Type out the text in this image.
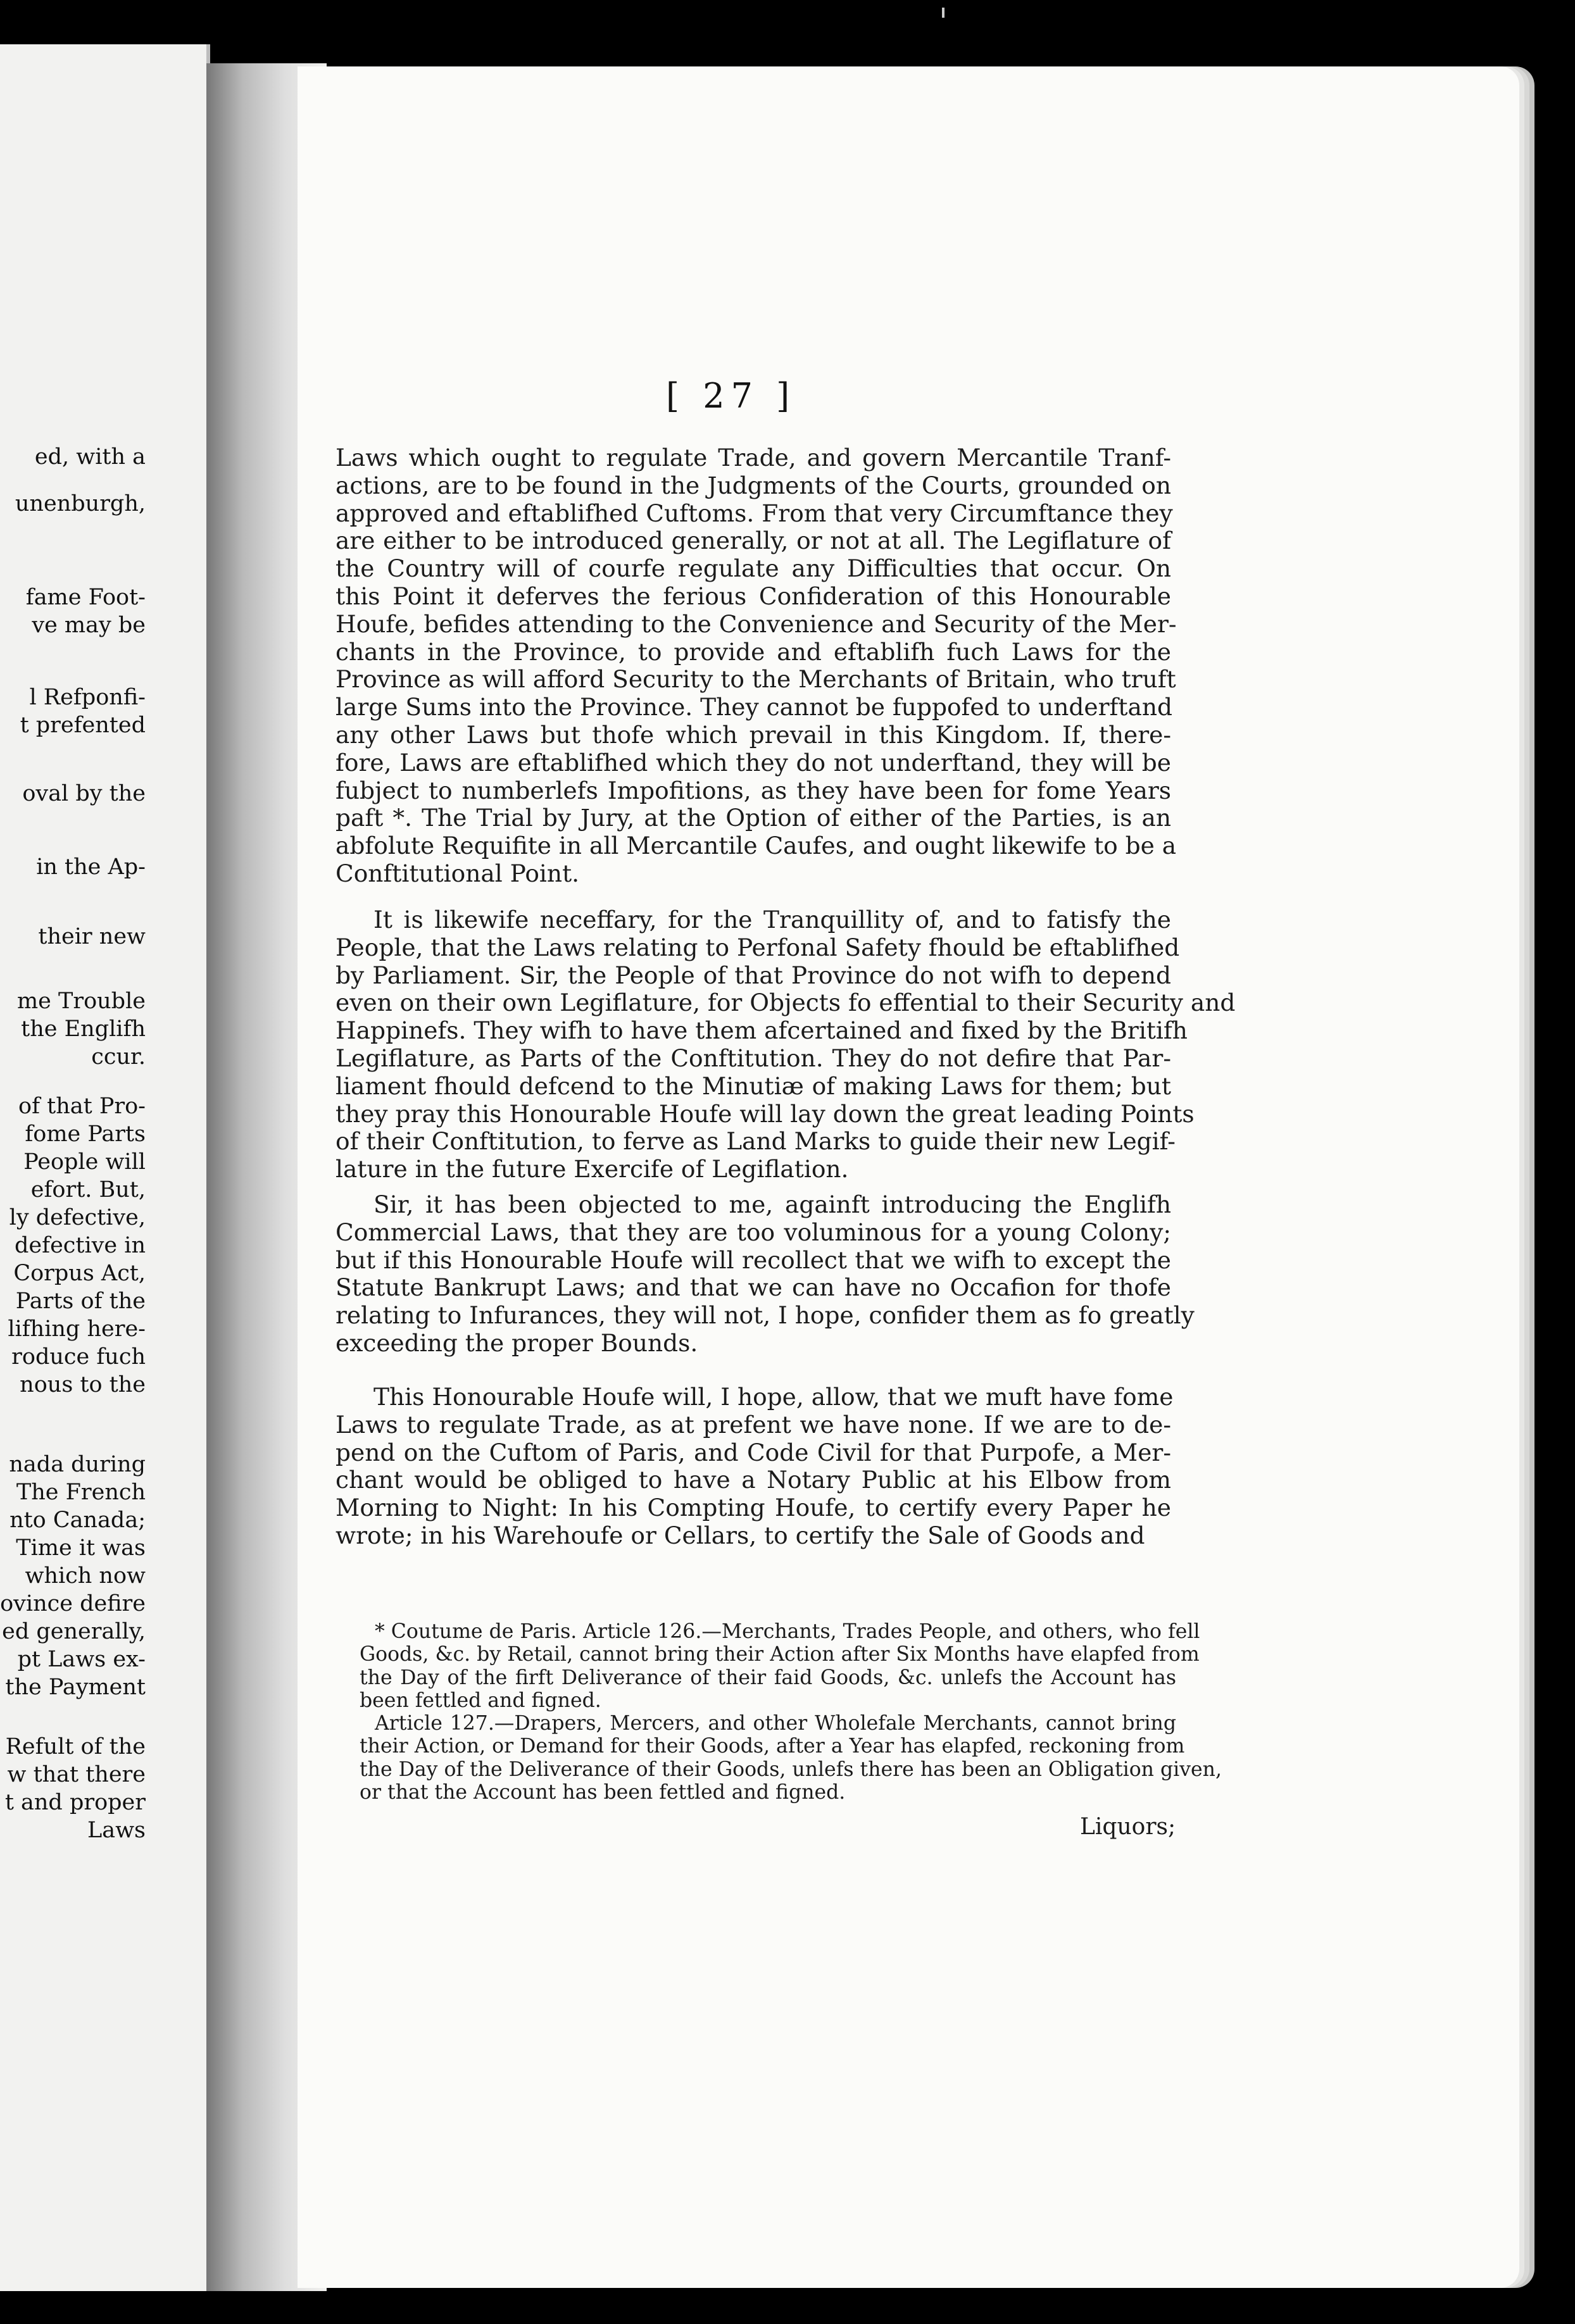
ed, with a
unenburgh,
fame Foot-
ve may be
l Refponfi-
t prefented
oval by the
in the Ap-
their new
me Trouble
the Englifh
ccur.
of that Pro-
fome Parts
People will
efort. But,
ly defective,
defective in
Corpus Act,
Parts of the
lifhing here-
roduce fuch
nous to the
nada during
The French
nto Canada;
Time it was
which now
ovince defire
ed generally,
pt Laws ex-
the Payment
Refult of the
w that there
t and proper
Laws
[ 27 ]
Laws which ought to regulate Trade, and govern Mercantile Tranf-
actions, are to be found in the Judgments of the Courts, grounded on
approved and eftablifhed Cuftoms. From that very Circumftance they
are either to be introduced generally, or not at all. The Legiflature of
the Country will of courfe regulate any Difficulties that occur. On
this Point it deferves the ferious Confideration of this Honourable
Houfe, befides attending to the Convenience and Security of the Mer-
chants in the Province, to provide and eftablifh fuch Laws for the
Province as will afford Security to the Merchants of Britain, who truft
large Sums into the Province. They cannot be fuppofed to underftand
any other Laws but thofe which prevail in this Kingdom. If, there-
fore, Laws are eftablifhed which they do not underftand, they will be
fubject to numberlefs Impofitions, as they have been for fome Years
paft *. The Trial by Jury, at the Option of either of the Parties, is an
abfolute Requifite in all Mercantile Caufes, and ought likewife to be a
Conftitutional Point.
It is likewife neceffary, for the Tranquillity of, and to fatisfy the
People, that the Laws relating to Perfonal Safety fhould be eftablifhed
by Parliament. Sir, the People of that Province do not wifh to depend
even on their own Legiflature, for Objects fo effential to their Security and
Happinefs. They wifh to have them afcertained and fixed by the Britifh
Legiflature, as Parts of the Conftitution. They do not defire that Par-
liament fhould defcend to the Minutiæ of making Laws for them; but
they pray this Honourable Houfe will lay down the great leading Points
of their Conftitution, to ferve as Land Marks to guide their new Legif-
lature in the future Exercife of Legiflation.
Sir, it has been objected to me, againft introducing the Englifh
Commercial Laws, that they are too voluminous for a young Colony;
but if this Honourable Houfe will recollect that we wifh to except the
Statute Bankrupt Laws; and that we can have no Occafion for thofe
relating to Infurances, they will not, I hope, confider them as fo greatly
exceeding the proper Bounds.
This Honourable Houfe will, I hope, allow, that we muft have fome
Laws to regulate Trade, as at prefent we have none. If we are to de-
pend on the Cuftom of Paris, and Code Civil for that Purpofe, a Mer-
chant would be obliged to have a Notary Public at his Elbow from
Morning to Night: In his Compting Houfe, to certify every Paper he
wrote; in his Warehoufe or Cellars, to certify the Sale of Goods and
* Coutume de Paris. Article 126.—Merchants, Trades People, and others, who fell
Goods, &c. by Retail, cannot bring their Action after Six Months have elapfed from
the Day of the firft Deliverance of their faid Goods, &c. unlefs the Account has
been fettled and figned.
Article 127.—Drapers, Mercers, and other Wholefale Merchants, cannot bring
their Action, or Demand for their Goods, after a Year has elapfed, reckoning from
the Day of the Deliverance of their Goods, unlefs there has been an Obligation given,
or that the Account has been fettled and figned.
Liquors;
